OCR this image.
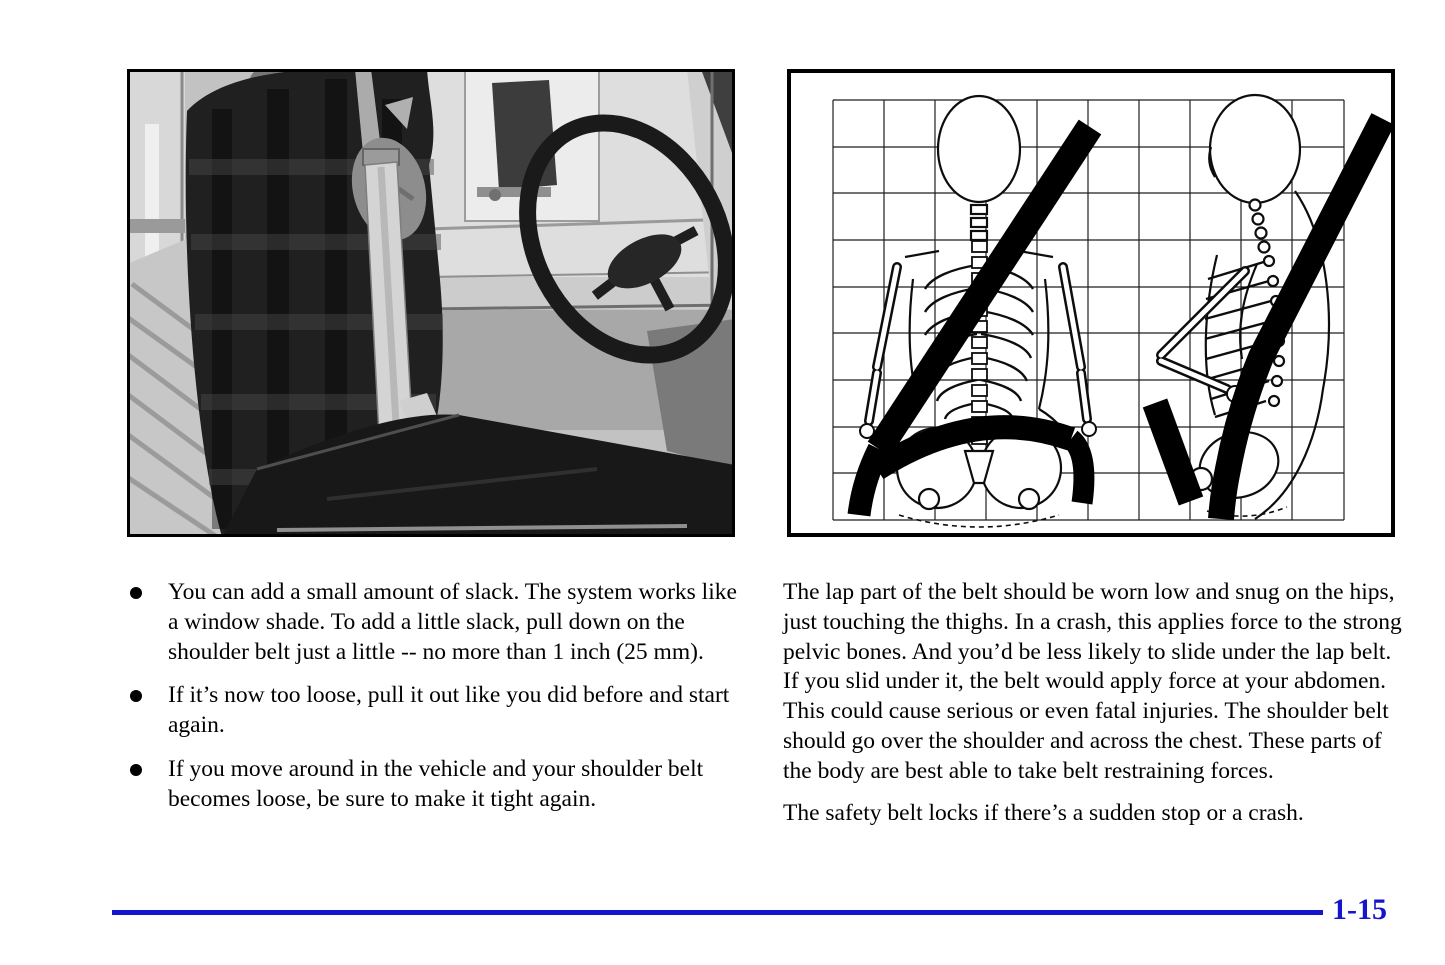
You can add a small amount of slack. The system works like a window shade. To add a little slack, pull down on the shoulder belt just a little -- no more than 1 inch (25 mm).
If it’s now too loose, pull it out like you did before and start again.
If you move around in the vehicle and your shoulder belt becomes loose, be sure to make it tight again.

The lap part of the belt should be worn low and snug on the hips, just touching the thighs. In a crash, this applies force to the strong pelvic bones. And you’d be less likely to slide under the lap belt. If you slid under it, the belt would apply force at your abdomen. This could cause serious or even fatal injuries. The shoulder belt should go over the shoulder and across the chest. These parts of the body are best able to take belt restraining forces.

The safety belt locks if there’s a sudden stop or a crash.

1-15
